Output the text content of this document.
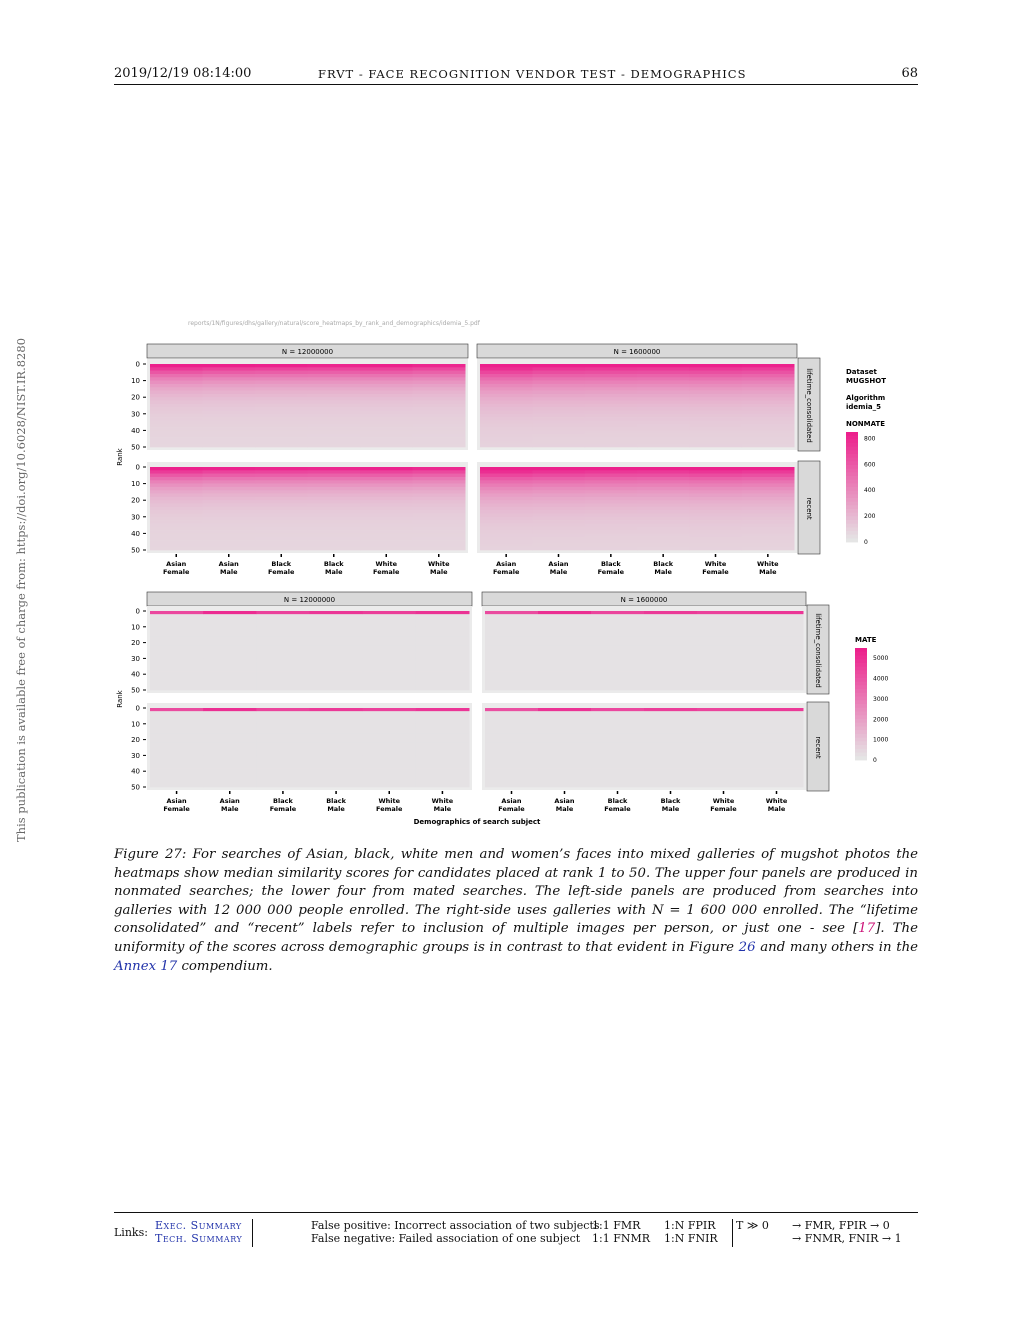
2019/12/19 08:14:00	FRVT - FACE RECOGNITION VENDOR TEST - DEMOGRAPHICS	68
This publication is available free of charge from: https://doi.org/10.6028/NIST.IR.8280
reports/1N/figures/dhs/gallery/natural/score_heatmaps_by_rank_and_demographics/idemia_5.pdf
N = 12000000	N = 1600000
lifetime_consolidated
0
10
20
30
40
50
recent
0
10
20
30
40
50
Asian
Female
Asian
Male
Black
Female
Black
Male
White
Female
White
Male
Asian
Female
Asian
Male
Black
Female
Black
Male
White
Female
White
Male
Rank
NONMATE
800
600
400
200
0
N = 12000000	N = 1600000
lifetime_consolidated
0
10
20
30
40
50
recent
0
10
20
30
40
50
Asian
Female
Asian
Male
Black
Female
Black
Male
White
Female
White
Male
Asian
Female
Asian
Male
Black
Female
Black
Male
White
Female
White
Male
Rank
MATE
5000
4000
3000
2000
1000
0
Dataset
MUGSHOT
Algorithm
idemia_5
Demographics of search subject
Figure 27: For searches of Asian, black, white men and women’s faces into mixed galleries of mugshot photos the heatmaps show median similarity scores for candidates placed at rank 1 to 50. The upper four panels are produced in nonmated searches; the lower four from mated searches. The left-side panels are produced from searches into galleries with 12 000 000 people enrolled. The right-side uses galleries with N = 1 600 000 enrolled. The “lifetime consolidated” and “recent” labels refer to inclusion of multiple images per person, or just one - see [17]. The uniformity of the scores across demographic groups is in contrast to that evident in Figure 26 and many others in the Annex 17 compendium.
Links:
Exec. Summary
Tech. Summary
False positive: Incorrect association of two subjects
False negative: Failed association of one subject
1:1 FMR
1:1 FNMR
1:N FPIR
1:N FNIR
T ≫ 0 → FMR, FPIR → 0
→ FNMR, FNIR → 1
